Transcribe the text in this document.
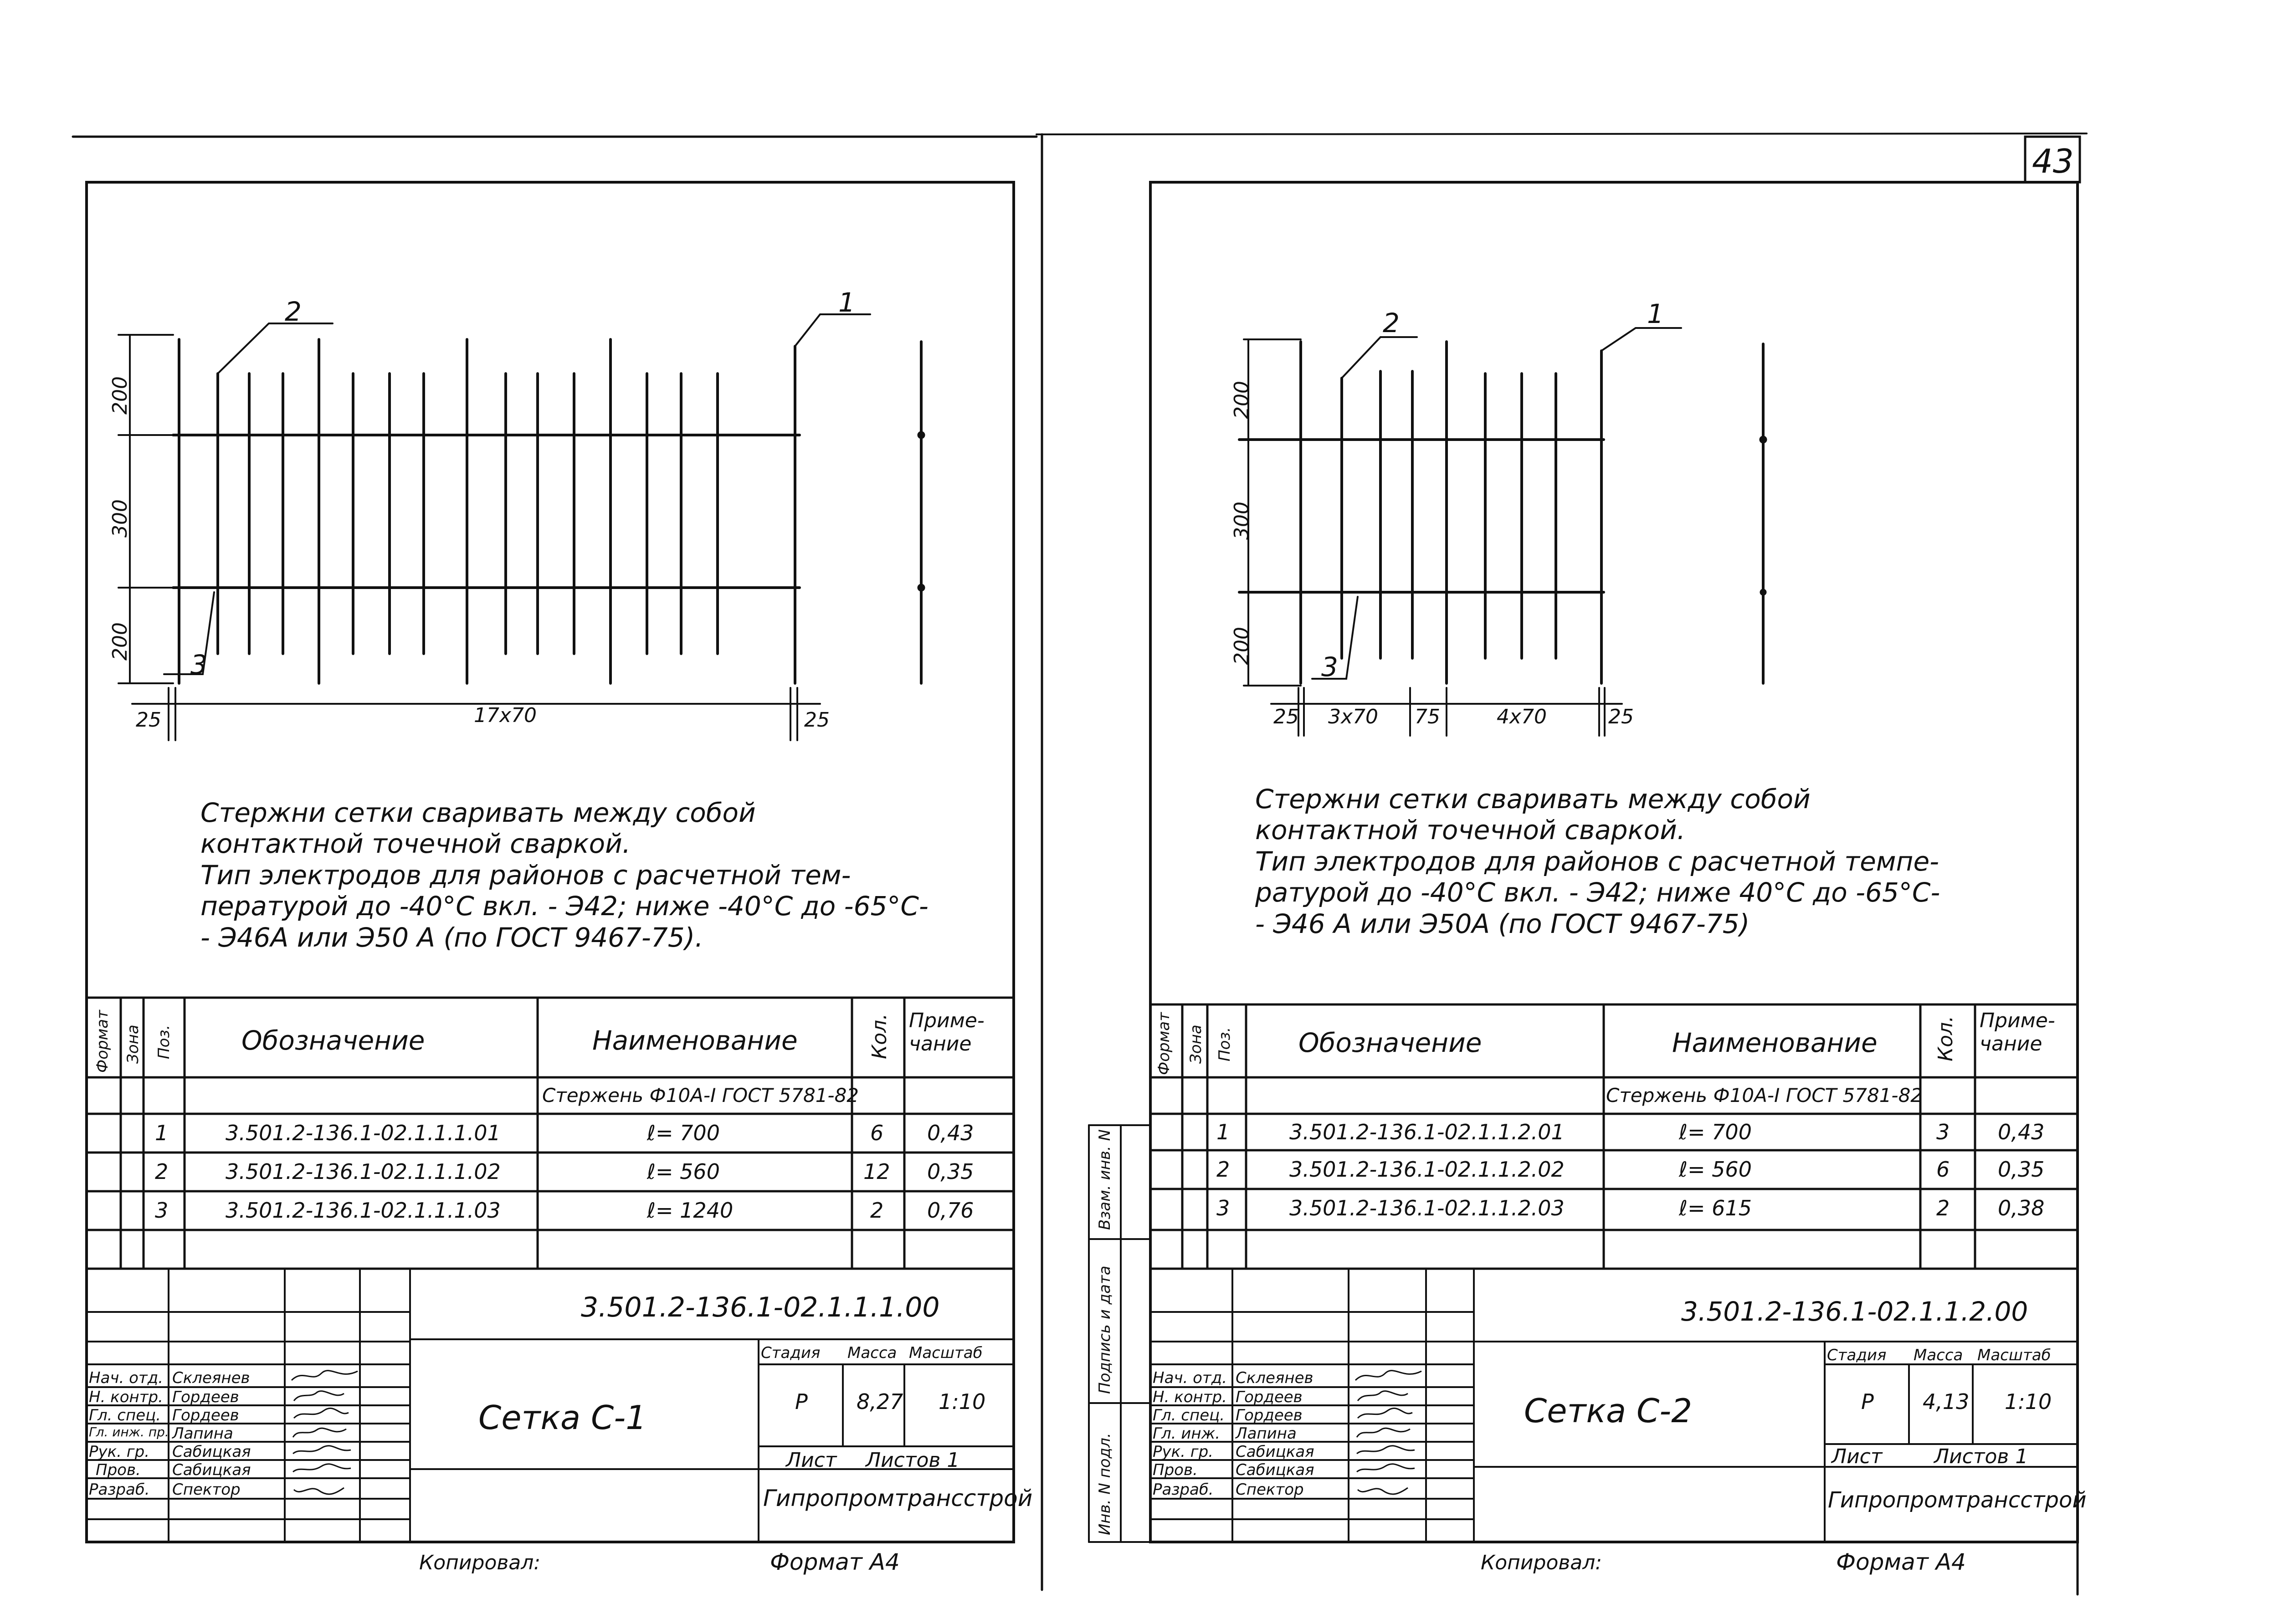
43
200
300
200
25	17x70	25
2	1
3
Стержни сетки сваривать между собой
контактной точечной сваркой.
Тип электродов для районов с расчетной тем-
пературой до -40°С вкл. - Э42; ниже -40°С до -65°С-
- Э46А или Э50 А (по ГОСТ 9467-75).
Формат Зона Поз.	Обозначение	Наименование	Кол. Приме-чание
Стержень Ф10А-I ГОСТ 5781-82
1	3.501.2-136.1-02.1.1.1.01	ℓ= 700	6 0,43
2	3.501.2-136.1-02.1.1.1.02	ℓ= 560	12 0,35
3	3.501.2-136.1-02.1.1.1.03	ℓ= 1240	2 0,76
3.501.2-136.1-02.1.1.1.00
Сетка С-1
Стадия Масса Масштаб
Р 8,27 1:10
Лист Листов 1
Гипропромтрансстрой
Нач. отд. Склеянев
Н. контр. Гордеев
Гл. спец. Гордеев
Гл. инж. пр. Лапина
Рук. гр. Сабицкая
Пров. Сабицкая
Разраб. Спектор
Копировал:	Формат А4
200
300
200
25 3x70 75	4x70	25
2	1
3
Стержни сетки сваривать между собой
контактной точечной сваркой.
Тип электродов для районов с расчетной темпе-
ратурой до -40°С вкл. - Э42; ниже 40°С до -65°С-
- Э46 А или Э50А (по ГОСТ 9467-75)
Формат Зона Поз. Обозначение	Наименование	Кол. Приме-чание
Стержень Ф10А-I ГОСТ 5781-82
1	3.501.2-136.1-02.1.1.2.01	ℓ= 700	3 0,43
2	3.501.2-136.1-02.1.1.2.02	ℓ= 560	6 0,35
3	3.501.2-136.1-02.1.1.2.03	ℓ= 615	2 0,38
3.501.2-136.1-02.1.1.2.00
Сетка С-2
Стадия Масса Масштаб
Р 4,13 1:10
Лист	Листов 1
Гипропромтрансстрой
Нач. отд. Склеянев
Н. контр. Гордеев
Гл. спец. Гордеев
Гл. инж. Лапина
Рук. гр. Сабицкая
Пров. Сабицкая
Разраб. Спектор
Взам. инв. N
Подпись и дата
Инв. N подл.
Копировал:	Формат А4
